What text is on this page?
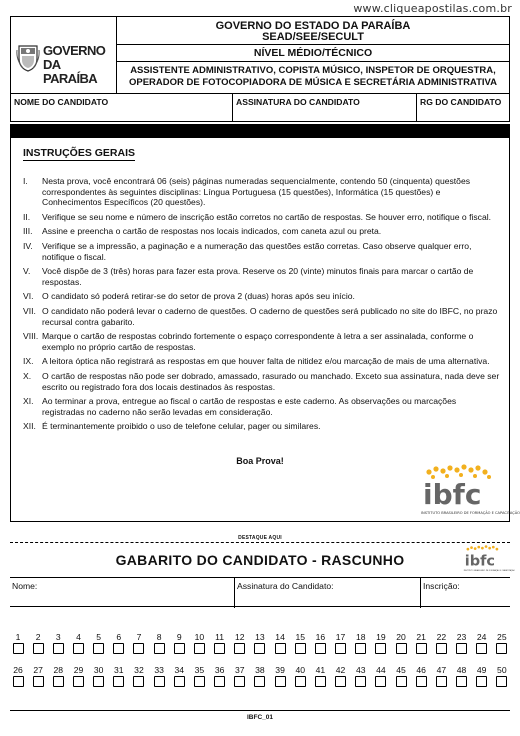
www.cliqueapostilas.com.br
GOVERNO
DA PARAÍBA
GOVERNO DO ESTADO DA PARAÍBA
SEAD/SEE/SECULT
NÍVEL MÉDIO/TÉCNICO
ASSISTENTE ADMINISTRATIVO, COPISTA MÚSICO, INSPETOR DE ORQUESTRA,
OPERADOR DE FOTOCOPIADORA DE MÚSICA E SECRETÁRIA ADMINISTRATIVA
NOME DO CANDIDATO	ASSINATURA DO CANDIDATO	RG DO CANDIDATO
INSTRUÇÕES GERAIS
I. Nesta prova, você encontrará 06 (seis) páginas numeradas sequencialmente, contendo 50 (cinquenta) questões correspondentes às seguintes disciplinas: Língua Portuguesa (15 questões), Informática (15 questões) e Conhecimentos Específicos (20 questões).
II. Verifique se seu nome e número de inscrição estão corretos no cartão de respostas. Se houver erro, notifique o fiscal.
III. Assine e preencha o cartão de respostas nos locais indicados, com caneta azul ou preta.
IV. Verifique se a impressão, a paginação e a numeração das questões estão corretas. Caso observe qualquer erro, notifique o fiscal.
V. Você dispõe de 3 (três) horas para fazer esta prova. Reserve os 20 (vinte) minutos finais para marcar o cartão de respostas.
VI. O candidato só poderá retirar-se do setor de prova 2 (duas) horas após seu início.
VII. O candidato não poderá levar o caderno de questões. O caderno de questões será publicado no site do IBFC, no prazo recursal contra gabarito.
VIII. Marque o cartão de respostas cobrindo fortemente o espaço correspondente à letra a ser assinalada, conforme o exemplo no próprio cartão de respostas.
IX. A leitora óptica não registrará as respostas em que houver falta de nitidez e/ou marcação de mais de uma alternativa.
X. O cartão de respostas não pode ser dobrado, amassado, rasurado ou manchado. Exceto sua assinatura, nada deve ser escrito ou registrado fora dos locais destinados às respostas.
XI. Ao terminar a prova, entregue ao fiscal o cartão de respostas e este caderno. As observações ou marcações registradas no caderno não serão levadas em consideração.
XII. É terminantemente proibido o uso de telefone celular, pager ou similares.
Boa Prova!
ibfc
INSTITUTO BRASILEIRO DE FORMAÇÃO E CAPACITAÇÃO
DESTAQUE AQUI
GABARITO DO CANDIDATO - RASCUNHO	ibfc
INSTITUTO BRASILEIRO DE FORMAÇÃO E CAPACITAÇÃO
Nome:	Assinatura do Candidato:	Inscrição:
1	2	3	4	5	6	7	8	9	10	11	12	13	14	15	16	17	18	19	20	21	22	23	24	25
26	27	28	29	30	31	32	33	34	35	36	37	38	39	40	41	42	43	44	45	46	47	48	49	50
IBFC_01
